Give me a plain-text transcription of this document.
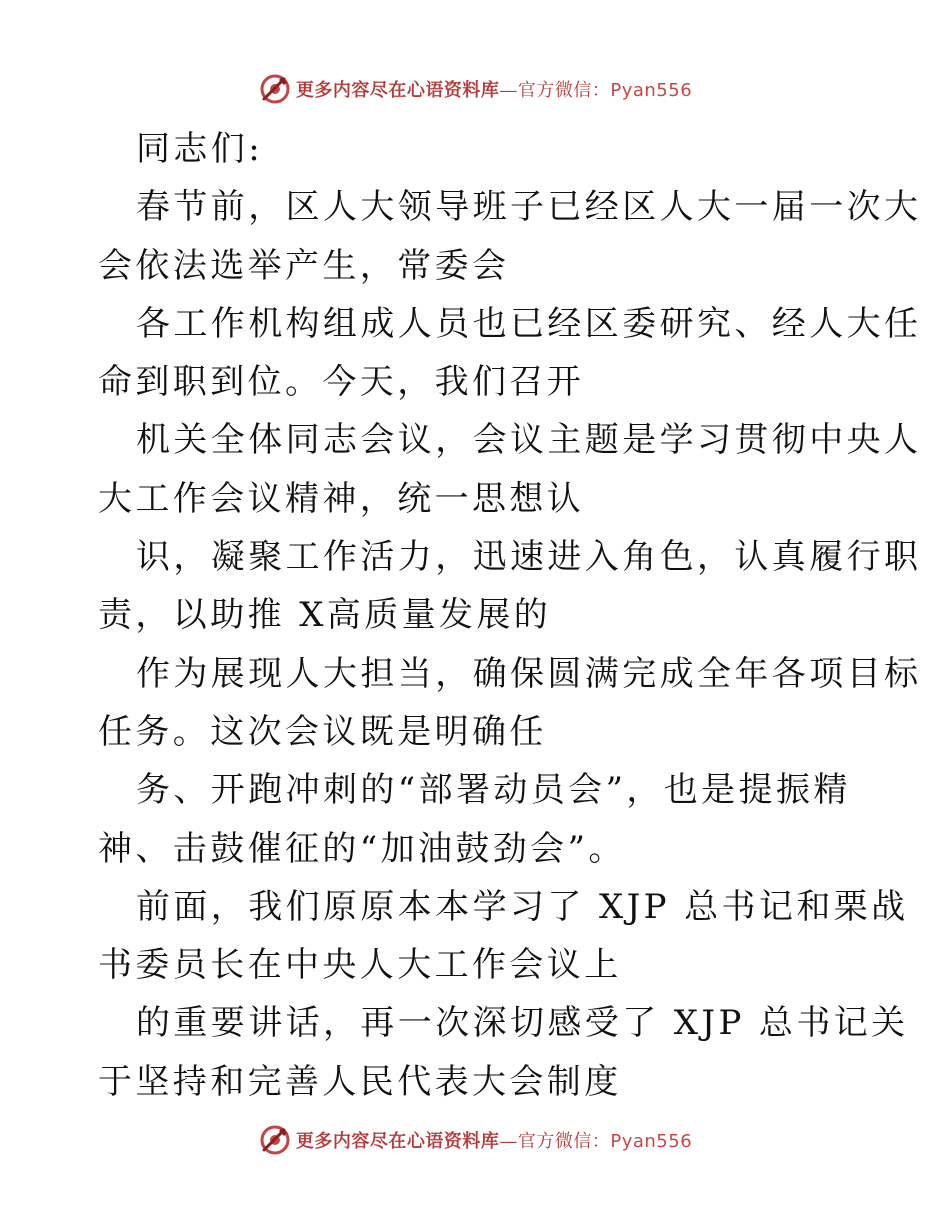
更多内容尽在心语资料库—官方微信：Pyan556
同志们:
春节前，区人大领导班子已经区人大一届一次大
会依法选举产生，常委会
各工作机构组成人员也已经区委研究、经人大任
命到职到位。今天，我们召开
机关全体同志会议，会议主题是学习贯彻中央人
大工作会议精神，统一思想认
识，凝聚工作活力，迅速进入角色，认真履行职
责，以助推 X高质量发展的
作为展现人大担当，确保圆满完成全年各项目标
任务。这次会议既是明确任
务、开跑冲刺的“部署动员会”，也是提振精
神、击鼓催征的“加油鼓劲会”。
前面，我们原原本本学习了 XJP 总书记和栗战
书委员长在中央人大工作会议上
的重要讲话，再一次深切感受了 XJP 总书记关
于坚持和完善人民代表大会制度
更多内容尽在心语资料库—官方微信：Pyan556
